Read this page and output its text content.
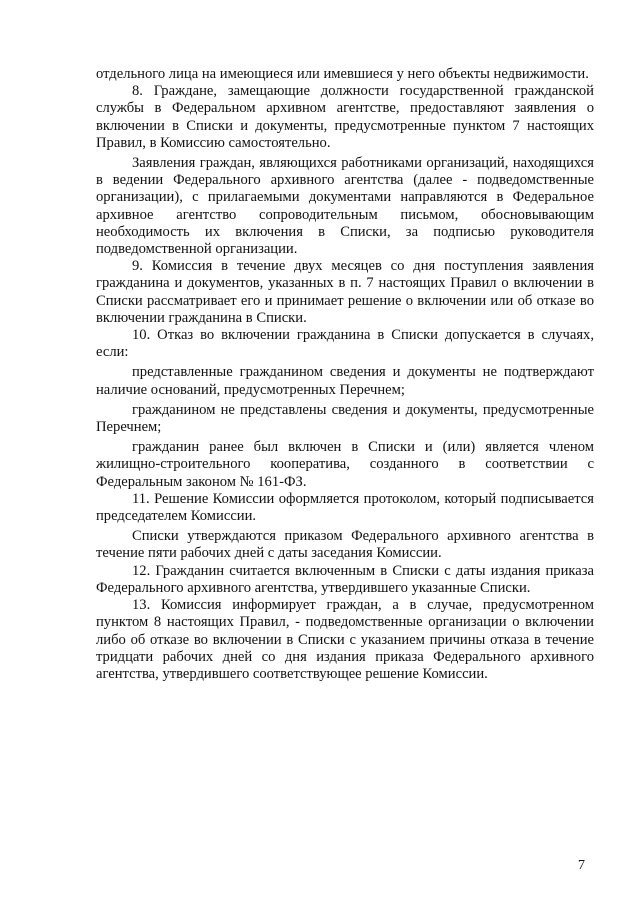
отдельного лица на имеющиеся или имевшиеся у него объекты недвижимости.

8. Граждане, замещающие должности государственной гражданской службы в Федеральном архивном агентстве, предоставляют заявления о включении в Списки и документы, предусмотренные пунктом 7 настоящих Правил, в Комиссию самостоятельно.

Заявления граждан, являющихся работниками организаций, находящихся в ведении Федерального архивного агентства (далее - подведомственные организации), с прилагаемыми документами направляются в Федеральное архивное агентство сопроводительным письмом, обосновывающим необходимость их включения в Списки, за подписью руководителя подведомственной организации.

9. Комиссия в течение двух месяцев со дня поступления заявления гражданина и документов, указанных в п. 7 настоящих Правил о включении в Списки рассматривает его и принимает решение о включении или об отказе во включении гражданина в Списки.

10. Отказ во включении гражданина в Списки допускается в случаях, если:

представленные гражданином сведения и документы не подтверждают наличие оснований, предусмотренных Перечнем;

гражданином не представлены сведения и документы, предусмотренные Перечнем;

гражданин ранее был включен в Списки и (или) является членом жилищно-строительного кооператива, созданного в соответствии с Федеральным законом № 161-ФЗ.

11. Решение Комиссии оформляется протоколом, который подписывается председателем Комиссии.

Списки утверждаются приказом Федерального архивного агентства в течение пяти рабочих дней с даты заседания Комиссии.

12. Гражданин считается включенным в Списки с даты издания приказа Федерального архивного агентства, утвердившего указанные Списки.

13. Комиссия информирует граждан, а в случае, предусмотренном пунктом 8 настоящих Правил, - подведомственные организации о включении либо об отказе во включении в Списки с указанием причины отказа в течение тридцати рабочих дней со дня издания приказа Федерального архивного агентства, утвердившего соответствующее решение Комиссии.

7
